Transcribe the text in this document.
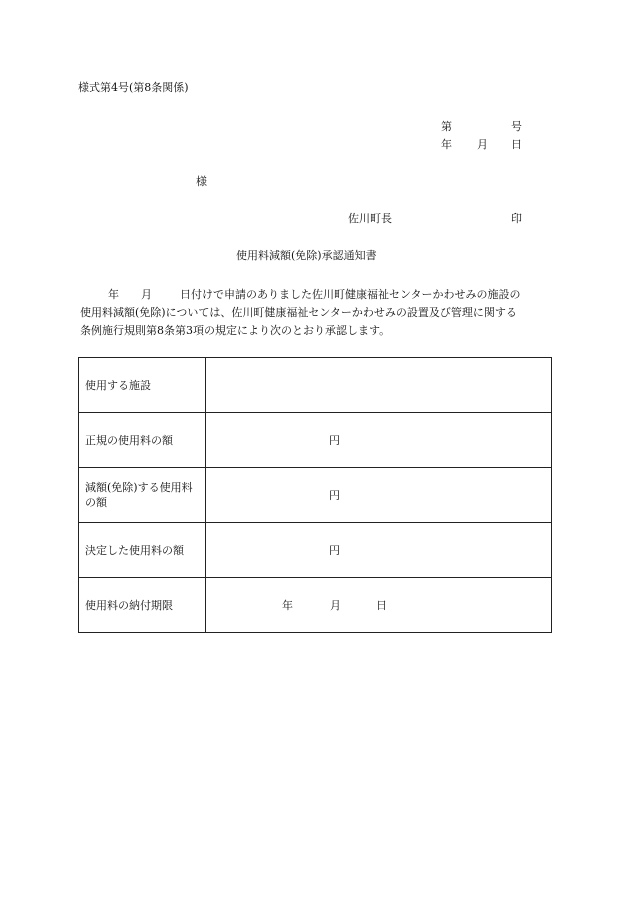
様式第4号(第8条関係)
第	号
年 月 日
様
佐川町長	印
使用料減額(免除)承認通知書
年 月	日付けで申請のありました佐川町健康福祉センターかわせみの施設の
使用料減額(免除)については、佐川町健康福祉センターかわせみの設置及び管理に関する
条例施行規則第8条第3項の規定により次のとおり承認します。
使用する施設	
正規の使用料の額	円

減額(免除)する使用料の額	円

決定した使用料の額	円

使用料の納付期限	年 月 日
